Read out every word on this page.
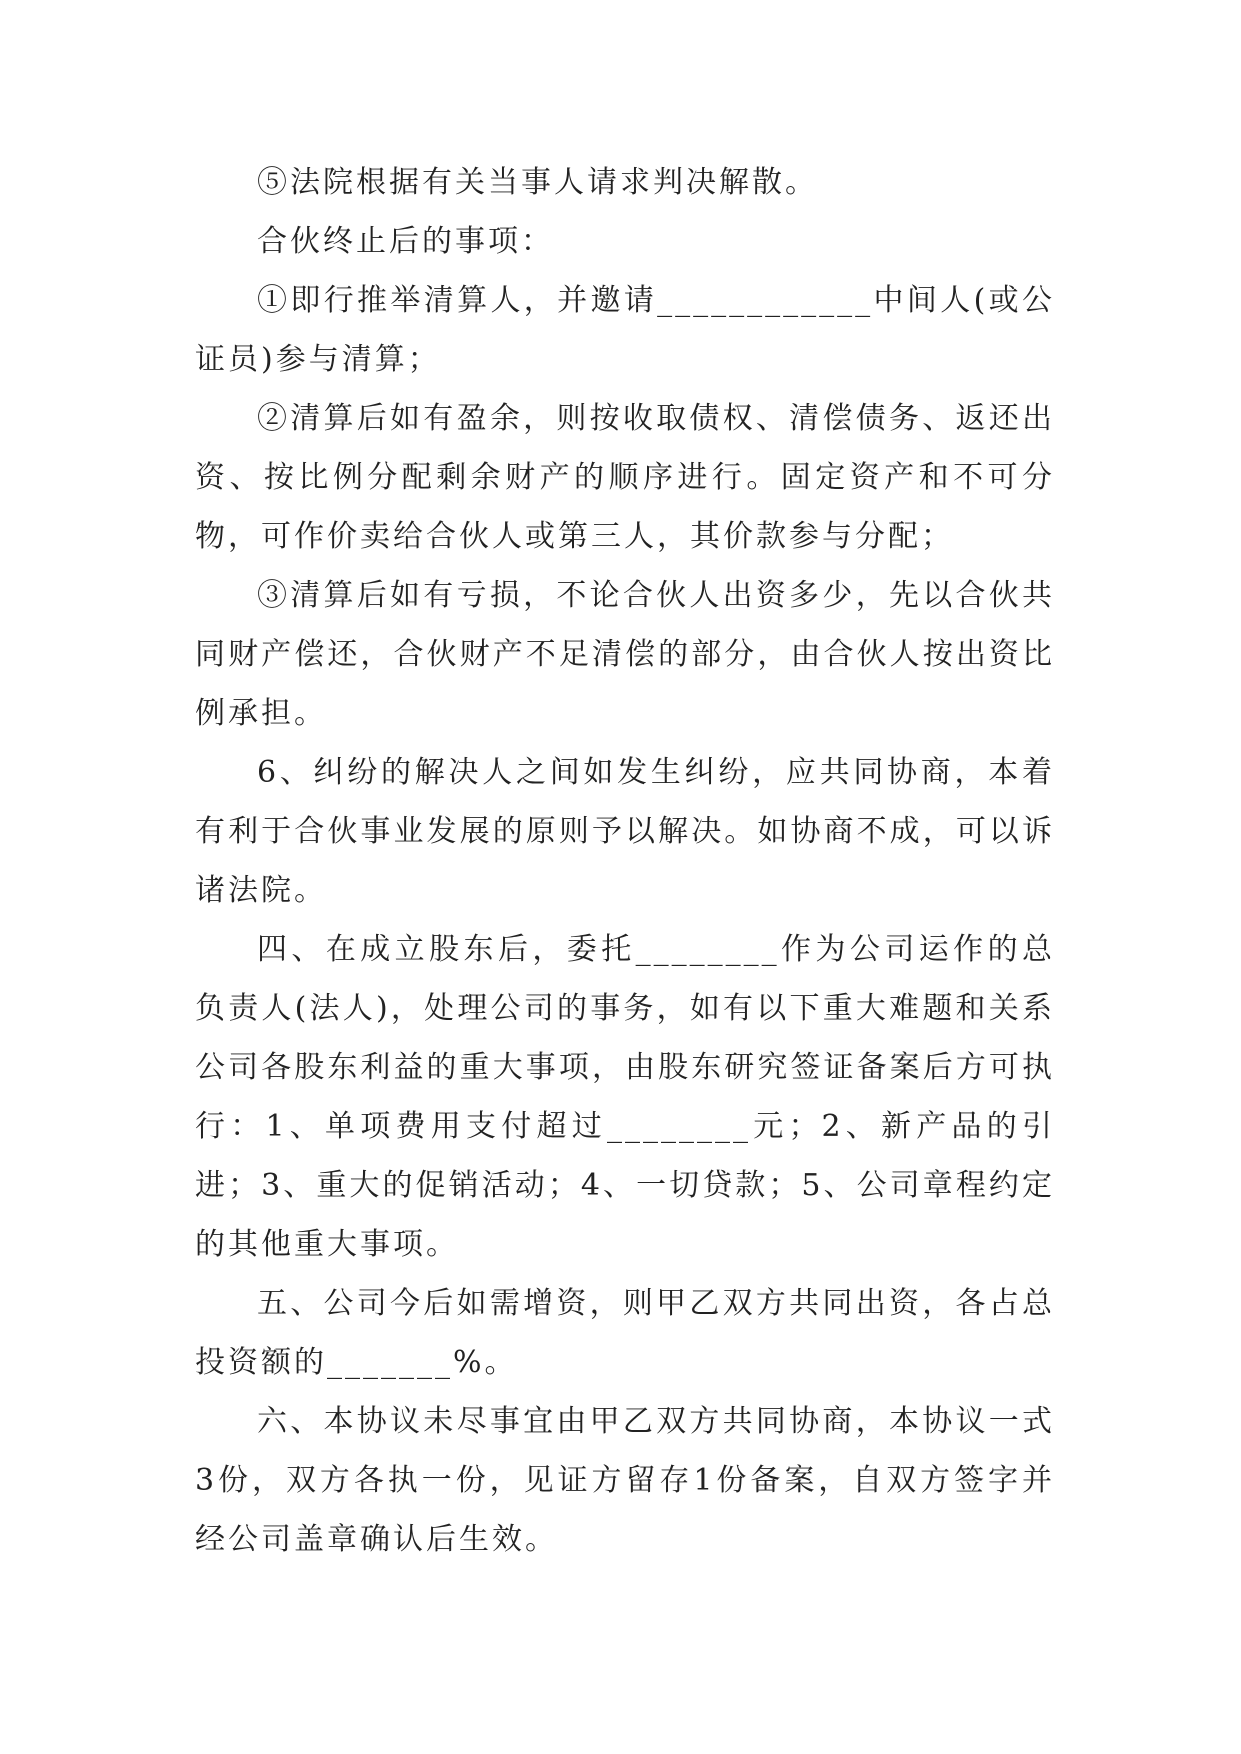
⑤法院根据有关当事人请求判决解散。

合伙终止后的事项：

①即行推举清算人，并邀请____________中间人(或公证员)参与清算；

②清算后如有盈余，则按收取债权、清偿债务、返还出资、按比例分配剩余财产的顺序进行。固定资产和不可分物，可作价卖给合伙人或第三人，其价款参与分配；

③清算后如有亏损，不论合伙人出资多少，先以合伙共同财产偿还，合伙财产不足清偿的部分，由合伙人按出资比例承担。

6、纠纷的解决人之间如发生纠纷，应共同协商，本着有利于合伙事业发展的原则予以解决。如协商不成，可以诉诸法院。

四、在成立股东后，委托________作为公司运作的总负责人(法人)，处理公司的事务，如有以下重大难题和关系公司各股东利益的重大事项，由股东研究签证备案后方可执行：1、单项费用支付超过________元；2、新产品的引进；3、重大的促销活动；4、一切贷款；5、公司章程约定的其他重大事项。

五、公司今后如需增资，则甲乙双方共同出资，各占总投资额的_______%。

六、本协议未尽事宜由甲乙双方共同协商，本协议一式3份，双方各执一份，见证方留存1份备案，自双方签字并经公司盖章确认后生效。
